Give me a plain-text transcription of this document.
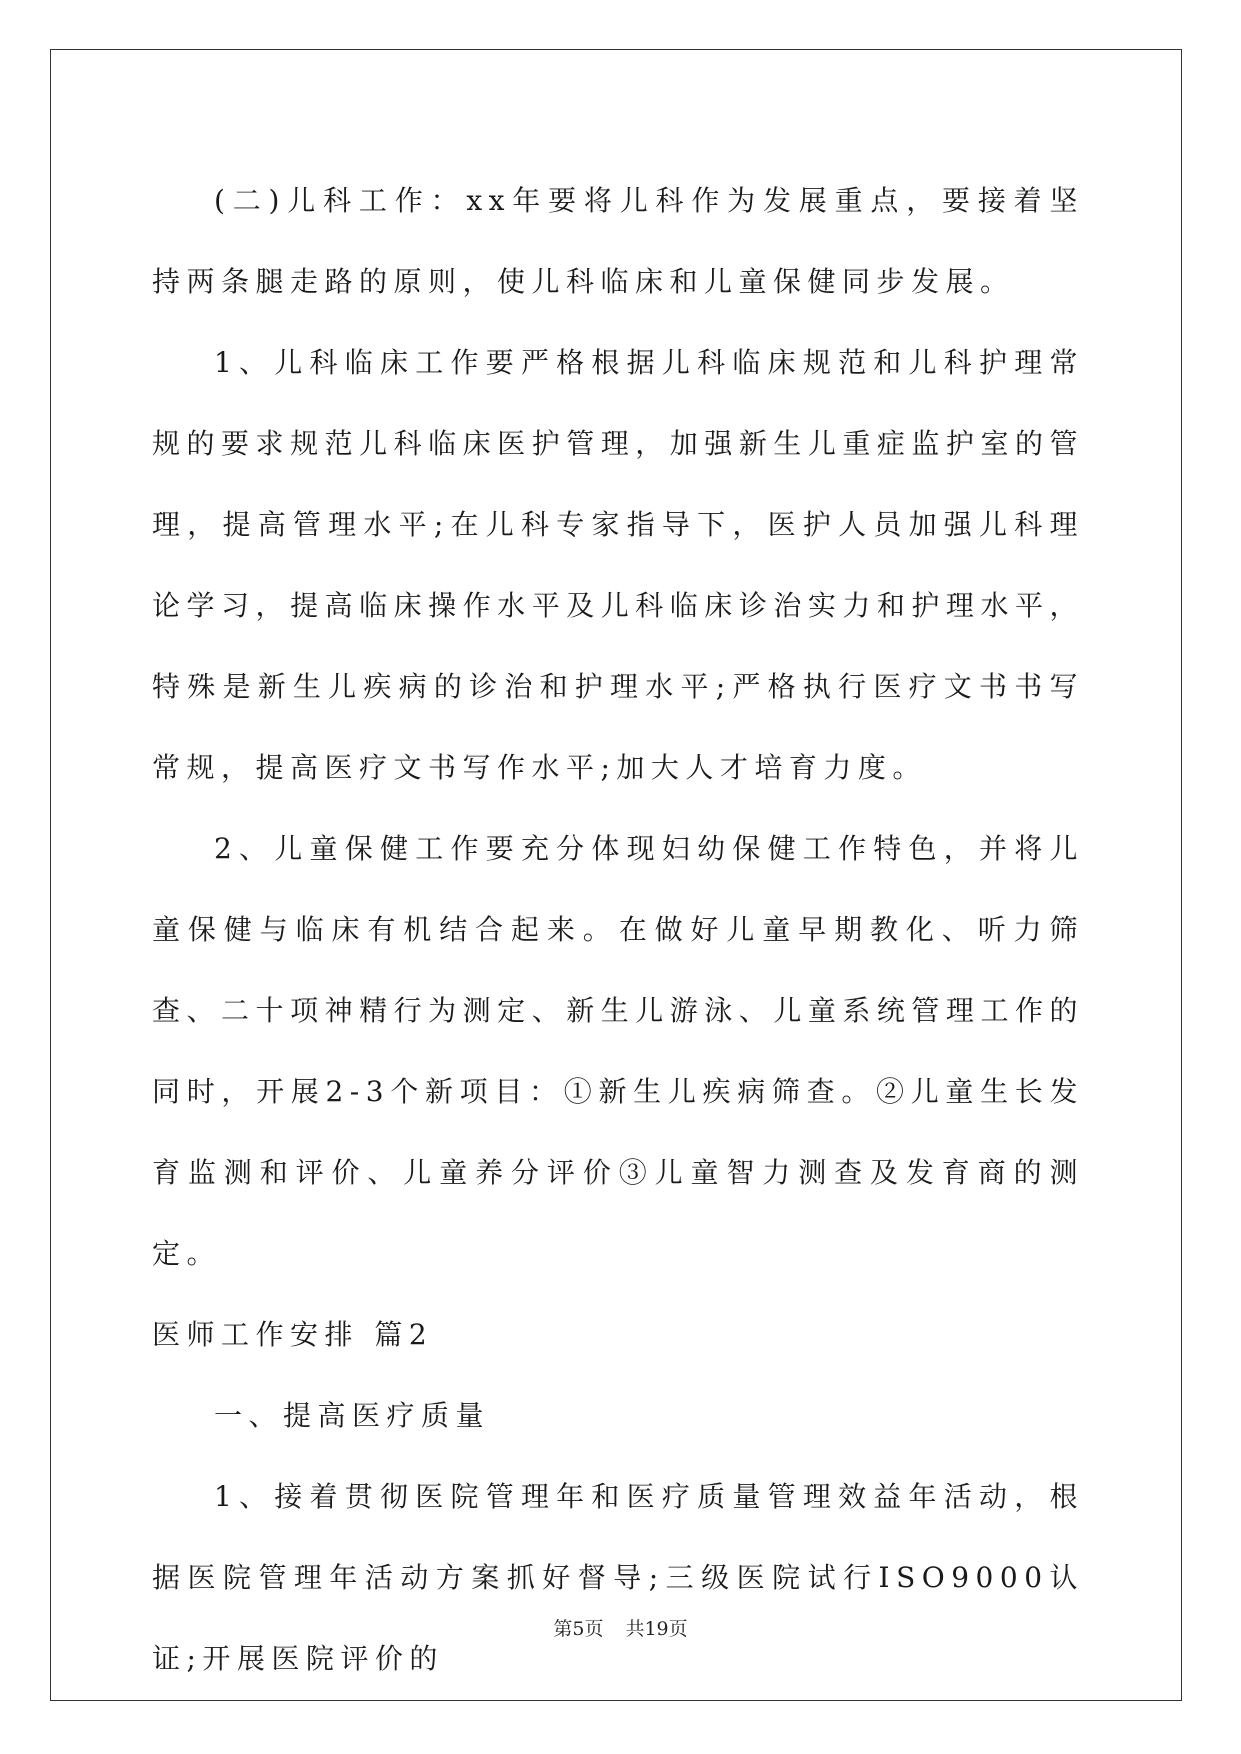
(二)儿科工作：xx年要将儿科作为发展重点，要接着坚持两条腿走路的原则，使儿科临床和儿童保健同步发展。

1、儿科临床工作要严格根据儿科临床规范和儿科护理常规的要求规范儿科临床医护管理，加强新生儿重症监护室的管理，提高管理水平;在儿科专家指导下，医护人员加强儿科理论学习，提高临床操作水平及儿科临床诊治实力和护理水平，特殊是新生儿疾病的诊治和护理水平;严格执行医疗文书书写常规，提高医疗文书写作水平;加大人才培育力度。

2、儿童保健工作要充分体现妇幼保健工作特色，并将儿童保健与临床有机结合起来。在做好儿童早期教化、听力筛查、二十项神精行为测定、新生儿游泳、儿童系统管理工作的同时，开展2-3个新项目：①新生儿疾病筛查。②儿童生长发育监测和评价、儿童养分评价③儿童智力测查及发育商的测定。

医师工作安排 篇2

一、提高医疗质量

1、接着贯彻医院管理年和医疗质量管理效益年活动，根据医院管理年活动方案抓好督导;三级医院试行ISO9000认证;开展医院评价的

第5页 共19页
